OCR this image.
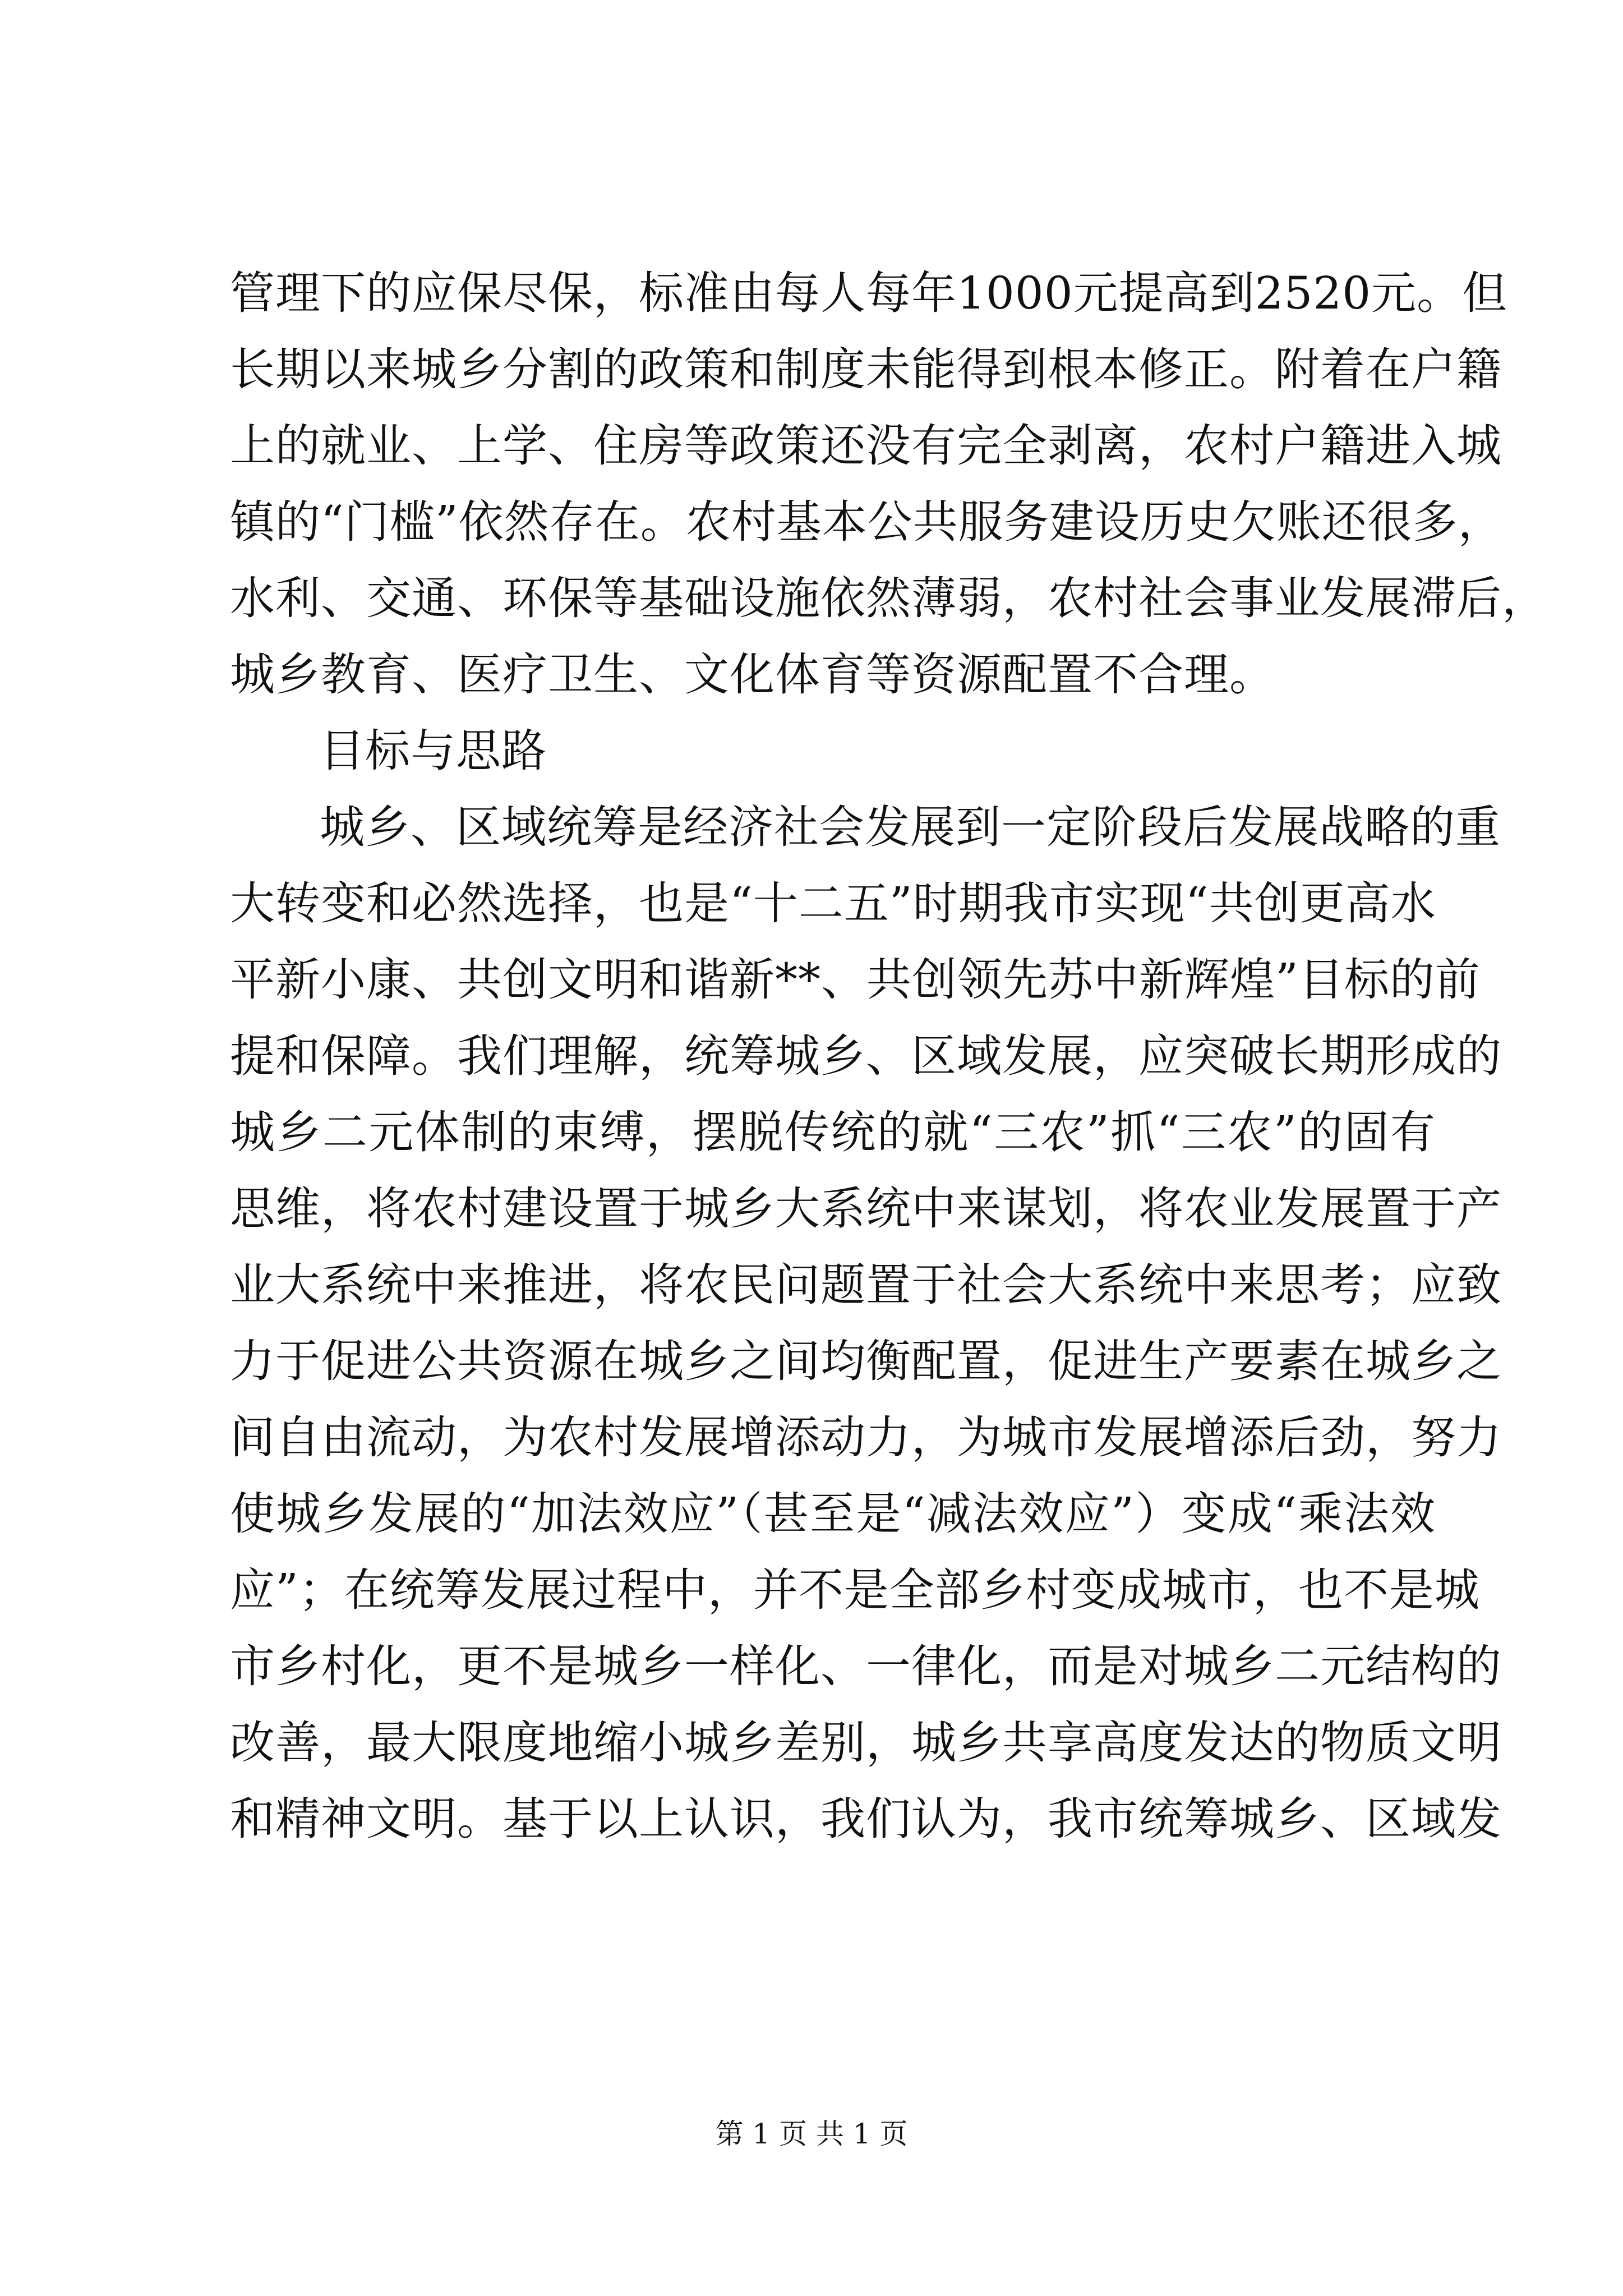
管理下的应保尽保，标准由每人每年1000元提高到2520元。但
长期以来城乡分割的政策和制度未能得到根本修正。附着在户籍
上的就业、上学、住房等政策还没有完全剥离，农村户籍进入城
镇的“门槛”依然存在。农村基本公共服务建设历史欠账还很多，
水利、交通、环保等基础设施依然薄弱，农村社会事业发展滞后，
城乡教育、医疗卫生、文化体育等资源配置不合理。
目标与思路
城乡、区域统筹是经济社会发展到一定阶段后发展战略的重
大转变和必然选择，也是“十二五”时期我市实现“共创更高水
平新小康、共创文明和谐新**、共创领先苏中新辉煌”目标的前
提和保障。我们理解，统筹城乡、区域发展，应突破长期形成的
城乡二元体制的束缚，摆脱传统的就“三农”抓“三农”的固有
思维，将农村建设置于城乡大系统中来谋划，将农业发展置于产
业大系统中来推进，将农民问题置于社会大系统中来思考；应致
力于促进公共资源在城乡之间均衡配置，促进生产要素在城乡之
间自由流动，为农村发展增添动力，为城市发展增添后劲，努力
使城乡发展的“加法效应”（甚至是“减法效应”）变成“乘法效
应”；在统筹发展过程中，并不是全部乡村变成城市，也不是城
市乡村化，更不是城乡一样化、一律化，而是对城乡二元结构的
改善，最大限度地缩小城乡差别，城乡共享高度发达的物质文明
和精神文明。基于以上认识，我们认为，我市统筹城乡、区域发
第 1 页 共 1 页
